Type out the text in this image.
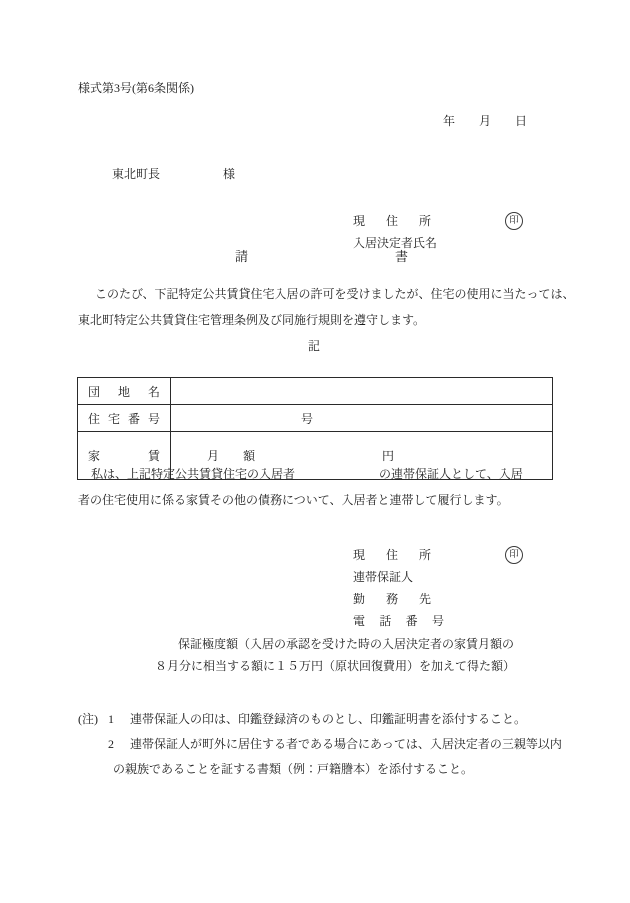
様式第3号(第6条関係)
年　　月　　日

東北町長	様

現住所

入居決定者氏名

印

請書
このたび、下記特定公共賃貸住宅入居の許可を受けましたが、住宅の使用に当たっては、
東北町特定公共賃貸住宅管理条例及び同施行規則を遵守します。
記
団地名	
住宅番号	号
家賃	月　　額 円

私は、上記特定公共賃貸住宅の入居者　　　　　　　の連帯保証人として、入居
者の住宅使用に係る家賃その他の債務について、入居者と連帯して履行します。

現住所

連帯保証人

印

勤務先

電話番号

保証極度額（入居の承認を受けた時の入居決定者の家賃月額の
８月分に相当する額に１５万円（原状回復費用）を加えて得た額）
(注) 1	連帯保証人の印は、印鑑登録済のものとし、印鑑証明書を添付すること。
2	連帯保証人が町外に居住する者である場合にあっては、入居決定者の三親等以内
の親族であることを証する書類（例：戸籍謄本）を添付すること。
